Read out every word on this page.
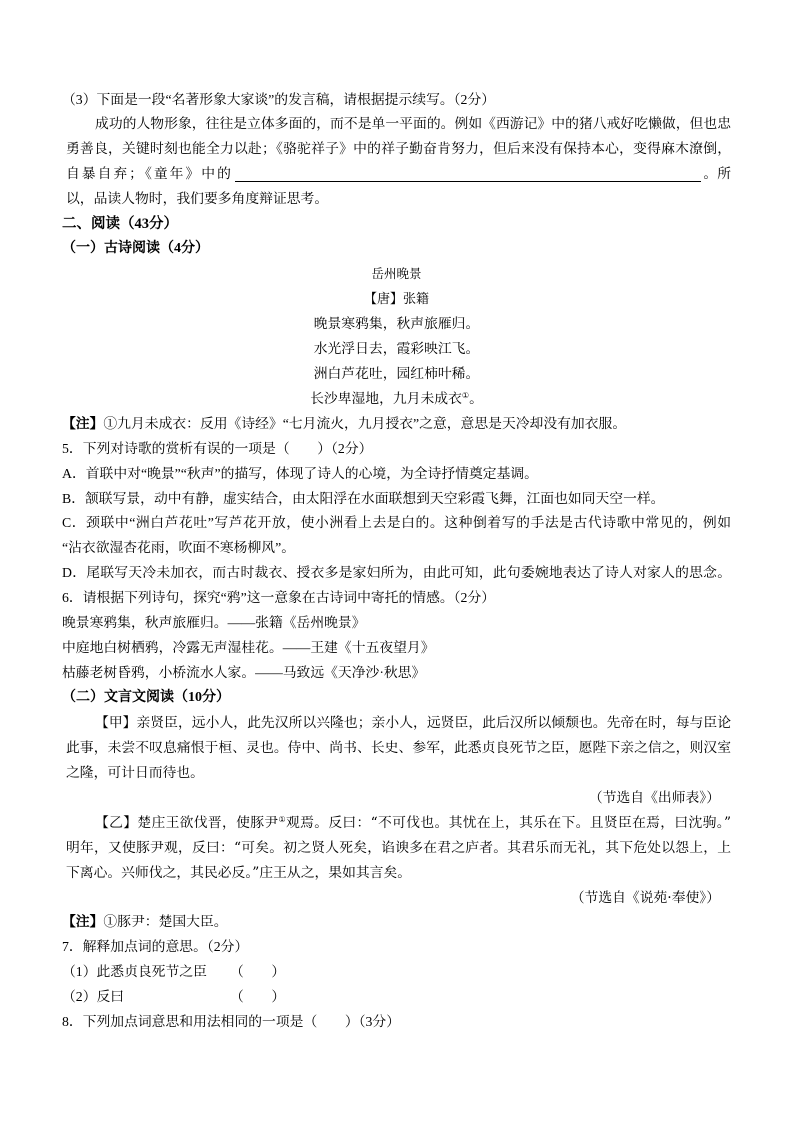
（3）下面是一段“名著形象大家谈”的发言稿，请根据提示续写。（2分）
成功的人物形象，往往是立体多面的，而不是单一平面的。例如《西游记》中的猪八戒好吃懒做，但也忠
勇善良，关键时刻也能全力以赴；《骆驼祥子》中的祥子勤奋肯努力，但后来没有保持本心，变得麻木潦倒，
自暴自弃；《童年》中的	。所
以，品读人物时，我们要多角度辩证思考。
二、阅读（43分）
（一）古诗阅读（4分）
岳州晚景
【唐】张籍
晚景寒鸦集，秋声旅雁归。
水光浮日去，霞彩映江飞。
洲白芦花吐，园红柿叶稀。
长沙卑湿地，九月未成衣①。
【注】①九月未成衣：反用《诗经》“七月流火，九月授衣”之意，意思是天冷却没有加衣服。
5．下列对诗歌的赏析有误的一项是（　　）（2分）
A．首联中对“晚景”“秋声”的描写，体现了诗人的心境，为全诗抒情奠定基调。
B．颔联写景，动中有静，虚实结合，由太阳浮在水面联想到天空彩霞飞舞，江面也如同天空一样。
C．颈联中“洲白芦花吐”写芦花开放，使小洲看上去是白的。这种倒着写的手法是古代诗歌中常见的，例如
“沾衣欲湿杏花雨，吹面不寒杨柳风”。
D．尾联写天冷未加衣，而古时裁衣、授衣多是家妇所为，由此可知，此句委婉地表达了诗人对家人的思念。
6．请根据下列诗句，探究“鸦”这一意象在古诗词中寄托的情感。（2分）
晚景寒鸦集，秋声旅雁归。——张籍《岳州晚景》
中庭地白树栖鸦，冷露无声湿桂花。——王建《十五夜望月》
枯藤老树昏鸦，小桥流水人家。——马致远《天净沙·秋思》
（二）文言文阅读（10分）
【甲】亲贤臣，远小人，此先汉所以兴隆也；亲小人，远贤臣，此后汉所以倾颓也。先帝在时，每与臣论
此事，未尝不叹息痛恨于桓、灵也。侍中、尚书、长史、参军，此悉贞良死节之臣，愿陛下亲之信之，则汉室
之隆，可计日而待也。
（节选自《出师表》）
【乙】楚庄王欲伐晋，使豚尹①观焉。反曰：“不可伐也。其忧在上，其乐在下。且贤臣在焉，曰沈驹。”
明年，又使豚尹观，反曰：“可矣。初之贤人死矣，谄谀多在君之庐者。其君乐而无礼，其下危处以怨上，上
下离心。兴师伐之，其民必反。”庄王从之，果如其言矣。
（节选自《说苑·奉使》）
【注】①豚尹：楚国大臣。
7．解释加点词的意思。（2分）
（1）此悉贞良死节之臣 （　　）
（2）反曰	（　　）
8．下列加点词意思和用法相同的一项是（　　）（3分）
